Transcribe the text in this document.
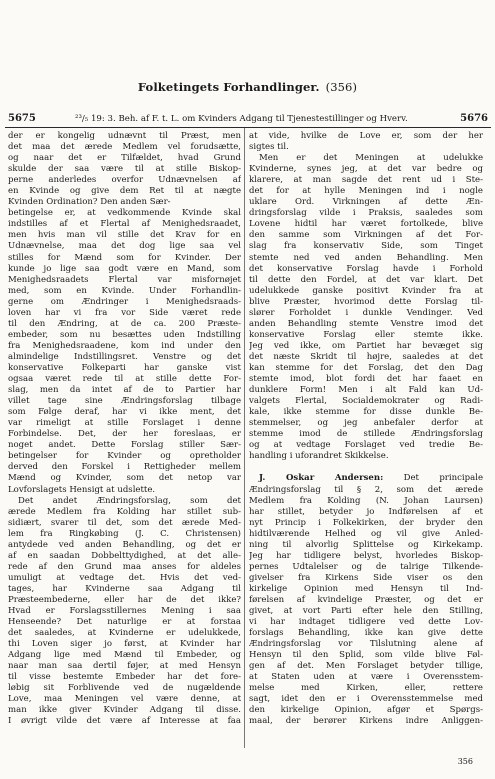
Folketingets Forhandlinger. (356)
5675	²³/₅ 19: 3. Beh. af F. t. L. om Kvinders Adgang til Tjenestestillinger og Hverv.	5676
der er kongelig udnævnt til Præst, men
det maa det ærede Medlem vel forudsætte,
og naar det er Tilfældet, hvad Grund
skulde der saa være til at stille Biskop-
perne anderledes overfor Udnævnelsen af
en Kvinde og give dem Ret til at nægte
Kvinden Ordination? Den anden Sær-
betingelse er, at vedkommende Kvinde skal
indstilles af et Flertal af Menighedsraadet,
men hvis man vil stille det Krav for en
Udnævnelse, maa det dog lige saa vel
stilles for Mænd som for Kvinder. Der
kunde jo lige saa godt være en Mand, som
Menighedsraadets Flertal var misfornøjet
med, som en Kvinde. Under Forhandlin-
gerne om Ændringer i Menighedsraads-
loven har vi fra vor Side været rede
til den Ændring, at de ca. 200 Præste-
embeder, som nu besættes uden Indstilling
fra Menighedsraadene, kom ind under den
almindelige Indstillingsret. Venstre og det
konservative Folkeparti har ganske vist
ogsaa været rede til at stille dette For-
slag, men da intet af de to Partier har
villet tage sine Ændringsforslag tilbage
som Følge deraf, har vi ikke ment, det
var rimeligt at stille Forslaget i denne
Forbindelse. Det, der her foreslaas, er
noget andet. Dette Forslag stiller Sær-
betingelser for Kvinder og opretholder
derved den Forskel i Rettigheder mellem
Mænd og Kvinder, som det netop var
Lovforslagets Hensigt at udslette.
Det andet Ændringsforslag, som det
ærede Medlem fra Kolding har stillet sub-
sidiært, svarer til det, som det ærede Med-
lem fra Ringkøbing (J. C. Christensen)
antydede ved anden Behandling, og det er
af en saadan Dobbelttydighed, at det alle-
rede af den Grund maa anses for aldeles
umuligt at vedtage det. Hvis det ved-
tages, har Kvinderne saa Adgang til
Præsteembederne, eller har de det ikke?
Hvad er Forslagsstillernes Mening i saa
Henseende? Det naturlige er at forstaa
det saaledes, at Kvinderne er udelukkede,
thi Loven siger jo først, at Kvinder har
Adgang lige med Mænd til Embeder, og
naar man saa dertil føjer, at med Hensyn
til visse bestemte Embeder har det fore-
løbig sit Forblivende ved de nugældende
Love, maa Meningen vel være denne, at
man ikke giver Kvinder Adgang til disse.
I øvrigt vilde det være af Interesse at faa
at vide, hvilke de Love er, som der her
sigtes til.
Men er det Meningen at udelukke
Kvinderne, synes jeg, at det var bedre og
klarere, at man sagde det rent ud i Ste-
det for at hylle Meningen ind i nogle
uklare Ord. Virkningen af dette Æn-
dringsforslag vilde i Praksis, saaledes som
Lovene hidtil har været fortolkede, blive
den samme som Virkningen af det For-
slag fra konservativ Side, som Tinget
stemte ned ved anden Behandling. Men
det konservative Forslag havde i Forhold
til dette den Fordel, at det var klart. Det
udelukkede ganske positivt Kvinder fra at
blive Præster, hvorimod dette Forslag til-
slører Forholdet i dunkle Vendinger. Ved
anden Behandling stemte Venstre imod det
konservative Forslag eller stemte ikke.
Jeg ved ikke, om Partiet har bevæget sig
det næste Skridt til højre, saaledes at det
kan stemme for det Forslag, det den Dag
stemte imod, blot fordi det har faaet en
dunklere Form! Men i alt Fald kan Ud-
valgets Flertal, Socialdemokrater og Radi-
kale, ikke stemme for disse dunkle Be-
stemmelser, og jeg anbefaler derfor at
stemme imod de stillede Ændringsforslag
og at vedtage Forslaget ved tredie Be-
handling i uforandret Skikkelse.

J. Oskar Andersen: Det principale
Ændringsforslag til § 2, som det ærede
Medlem fra Kolding (N. Johan Laursen)
har stillet, betyder jo Indførelsen af et
nyt Princip i Folkekirken, der bryder den
hidtilværende Helhed og vil give Anled-
ning til alvorlig Splittelse og Kirkekamp.
Jeg har tidligere belyst, hvorledes Biskop-
pernes Udtalelser og de talrige Tilkende-
givelser fra Kirkens Side viser os den
kirkelige Opinion med Hensyn til Ind-
førelsen af kvindelige Præster, og det er
givet, at vort Parti efter hele den Stilling,
vi har indtaget tidligere ved dette Lov-
forslags Behandling, ikke kan give dette
Ændringsforslag vor Tilslutning alene af
Hensyn til den Splid, som vilde blive Føl-
gen af det. Men Forslaget betyder tillige,
at Staten uden at være i Overensstem-
melse med Kirken, eller, rettere
sagt, idet den er i Overensstemmelse med
den kirkelige Opinion, afgør et Spørgs-
maal, der berører Kirkens indre Anliggen-
356
